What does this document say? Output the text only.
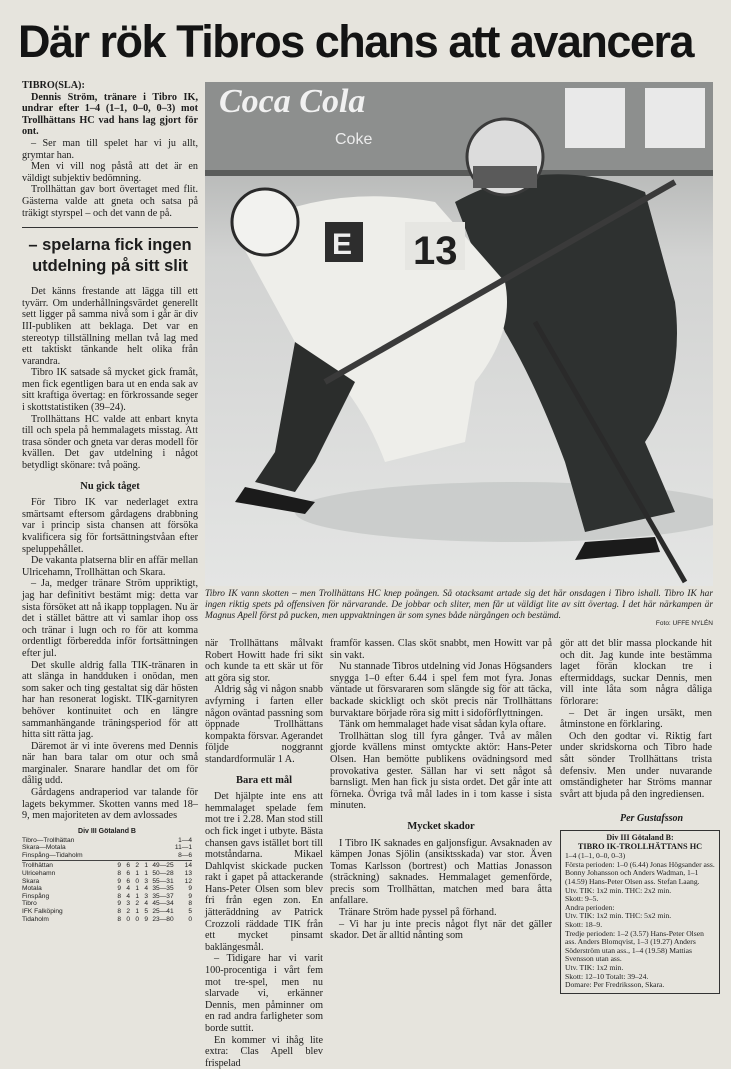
Där rök Tibros chans att avancera

TIBRO(SLA):

Dennis Ström, tränare i Tibro IK, undrar efter 1–4 (1–1, 0–0, 0–3) mot Trollhättans HC vad hans lag gjort för ont.

– Ser man till spelet har vi ju allt, grymtar han.

Men vi vill nog påstå att det är en väldigt subjektiv bedömning.

Trollhättan gav bort övertaget med flit. Gästerna valde att gneta och satsa på träkigt styrspel – och det vann de på.

– spelarna fick ingen utdelning på sitt slit

Det känns frestande att lägga till ett tyvärr. Om underhållningsvärdet generellt sett ligger på samma nivå som i går är div III-publiken att beklaga. Det var en stereotyp tillställning mellan två lag med ett taktiskt tänkande helt olika från varandra.

Tibro IK satsade så mycket gick framåt, men fick egentligen bara ut en enda sak av sitt kraftiga övertag: en förkrossande seger i skottstatistiken (39–24).

Trollhättans HC valde att enbart knyta till och spela på hemmalagets misstag. Att trasa sönder och gneta var deras modell för kvällen. Det gav utdelning i något betydligt skönare: två poäng.

Nu gick tåget

För Tibro IK var nederlaget extra smärtsamt eftersom gårdagens drabbning var i princip sista chansen att försöka kvalificera sig för fortsättningstvåan efter speluppehållet.

De vakanta platserna blir en affär mellan Ulricehamn, Trollhättan och Skara.

– Ja, medger tränare Ström uppriktigt, jag har definitivt bestämt mig: detta var sista försöket att nå ikapp topplagen. Nu är det i stället bättre att vi samlar ihop oss och tränar i lugn och ro för att komma ordentligt förberedda inför fortsättningen efter jul.

Det skulle aldrig falla TIK-tränaren in att slänga in handduken i onödan, men som saker och ting gestaltat sig där hösten har han resonerat logiskt. TIK-garnityren behöver kontinuitet och en längre sammanhängande träningsperiod för att hitta sitt rätta jag.

Däremot är vi inte överens med Dennis när han bara talar om otur och små marginaler. Snarare handlar det om för dålig udd.

Gårdagens andraperiod var talande för lagets bekymmer. Skotten vanns med 18–9, men majoriteten av dem avlossades

Coca Cola
Coke
13
E
Tibro IK vann skotten – men Trollhättans HC knep poängen. Så otacksamt artade sig det här onsdagen i Tibro ishall. Tibro IK har ingen riktig spets på offensiven för närvarande. De jobbar och sliter, men får ut väldigt lite av sitt övertag. I det här närkampen är Magnus Apell först på pucken, men uppvaktningen är som synes både närgången och bestämd.
Foto: UFFE NYLÉN

när Trollhättans målvakt Robert Howitt hade fri sikt och kunde ta ett skär ut för att göra sig stor.

Aldrig såg vi någon snabb avfyrning i farten eller någon oväntad passning som öppnade Trollhättans kompakta försvar. Agerandet följde noggrannt standardformulär 1 A.

Bara ett mål

Det hjälpte inte ens att hemmalaget spelade fem mot tre i 2.28. Man stod still och fick inget i utbyte. Bästa chansen gavs istället bort till motståndarna. Mikael Dahlqvist skickade pucken rakt i gapet på attackerande Hans-Peter Olsen som blev fri från egen zon. En jätteräddning av Patrick Crozzoli räddade TIK från ett mycket pinsamt baklängesmål.

– Tidigare har vi varit 100-procentiga i vårt fem mot tre-spel, men nu slarvade vi, erkänner Dennis, men påminner om en rad andra farligheter som borde suttit.

En kommer vi ihåg lite extra: Clas Apell blev frispelad

framför kassen. Clas sköt snabbt, men Howitt var på sin vakt.

Nu stannade Tibros utdelning vid Jonas Högsanders snygga 1–0 efter 6.44 i spel fem mot fyra. Jonas väntade ut försvararen som slängde sig för att täcka, backade skickligt och sköt precis när Trollhättans burvaktare började röra sig mitt i sidoförflyttningen.

Tänk om hemmalaget hade visat sådan kyla oftare.

Trollhättan slog till fyra gånger. Två av målen gjorde kvällens minst omtyckte aktör: Hans-Peter Olsen. Han bemötte publikens ovädningsord med provokativa gester. Sällan har vi sett något så barnsligt. Men han fick ju sista ordet. Det går inte att förneka. Övriga två mål lades in i tom kasse i sista minuten.

Mycket skador

I Tibro IK saknades en galjonsfigur. Avsaknaden av kämpen Jonas Sjölin (ansiktsskada) var stor. Även Tomas Karlsson (bortrest) och Mattias Jonasson (sträckning) saknades. Hemmalaget gemenförde, precis som Trollhättan, matchen med bara åtta anfallare.

Tränare Ström hade pyssel på förhand.

– Vi har ju inte precis något flyt när det gäller skador. Det är alltid nånting som

gör att det blir massa plockande hit och dit. Jag kunde inte bestämma laget förän klockan tre i eftermiddags, suckar Dennis, men vill inte låta som några dåliga förlorare:

– Det är ingen ursäkt, men åtminstone en förklaring.

Och den godtar vi. Riktig fart under skridskorna och Tibro hade sått sönder Trollhättans trista defensiv. Men under nuvarande omständigheter har Ströms mannar svårt att bjuda på den ingrediensen.

Per Gustafsson
Div III Götaland B
Tibro—Trollhättan	1—4
Skara—Motala	11—1
Finspång—Tidaholm	8—6
Trollhättan	9 6 2 1 49—25	14
Ulricehamn	8 6 1 1 50—28	13
Skara	9 6 0 3 55—31	12
Motala	9 4 1 4 35—35	9
Finspång	8 4 1 3 35—37	9
Tibro	9 3 2 4 45—34	8
IFK Falköping	8 2 1 5 25—41	5
Tidaholm	8 0 0 9 23—80	0
Div III Götaland B:
TIBRO IK-TROLLHÄTTANS HC
1–4 (1–1, 0–0, 0–3)
Första perioden: 1–0 (6.44) Jonas Högsander ass. Bonny Johansson och Anders Wadman, 1–1 (14.59) Hans-Peter Olsen ass. Stefan Laang.
Utv. TIK: 1x2 min. THC: 2x2 min.
Skott: 9–5.
Andra perioden:
Utv. TIK: 1x2 min. THC: 5x2 min.
Skott: 18–9.
Tredje perioden: 1–2 (3.57) Hans-Peter Olsen ass. Anders Blomqvist, 1–3 (19.27) Anders Söderström utan ass., 1–4 (19.58) Mattias Svensson utan ass.
Utv. TIK: 1x2 min.
Skott: 12–10 Totalt: 39–24.
Domare: Per Fredriksson, Skara.
